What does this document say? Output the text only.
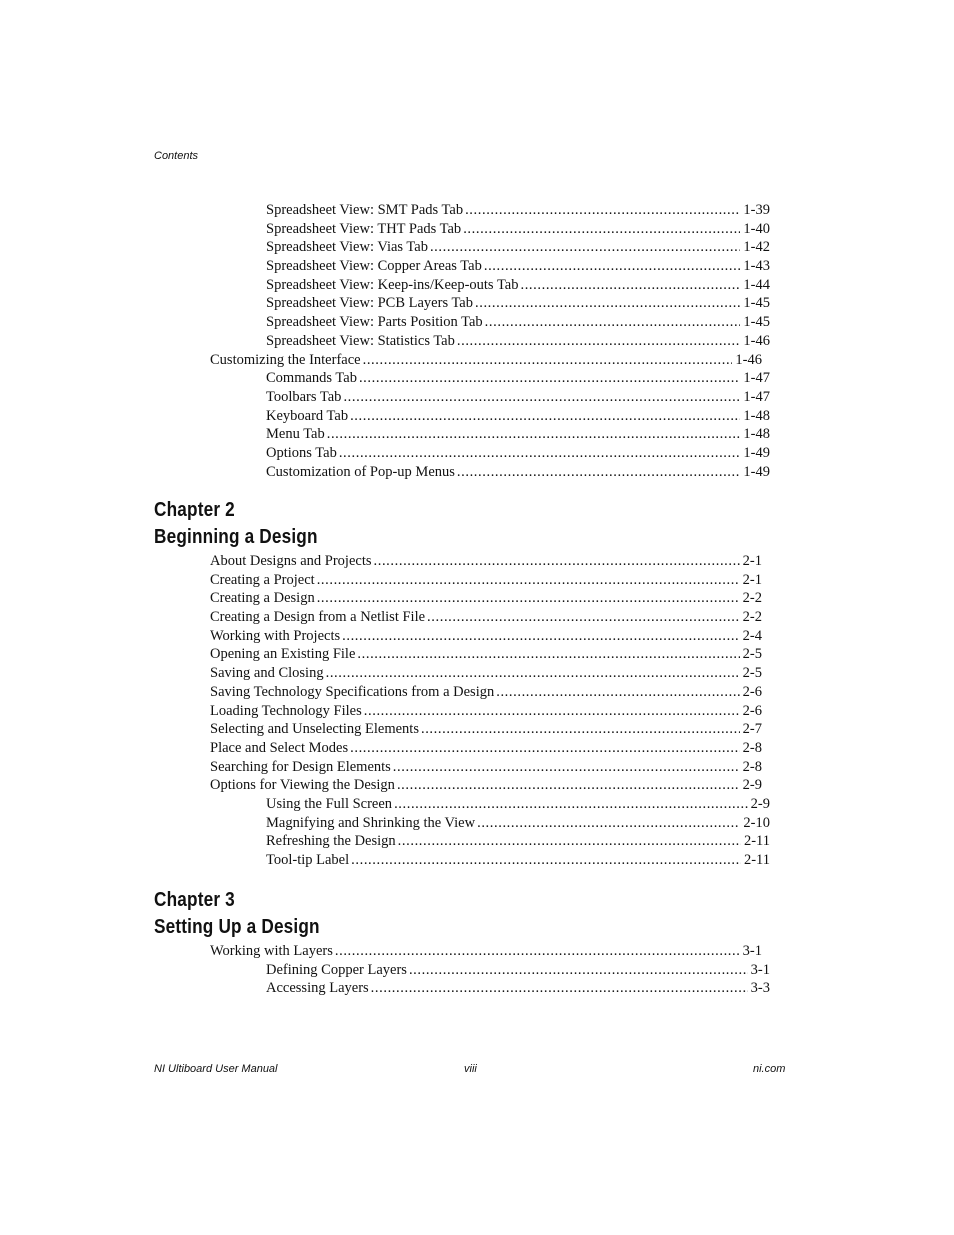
Contents
Spreadsheet View: SMT Pads Tab .....	1-39
Spreadsheet View: THT Pads Tab .....	1-40
Spreadsheet View: Vias Tab .....	1-42
Spreadsheet View: Copper Areas Tab .....	1-43
Spreadsheet View: Keep-ins/Keep-outs Tab .....	1-44
Spreadsheet View: PCB Layers Tab .....	1-45
Spreadsheet View: Parts Position Tab .....	1-45
Spreadsheet View: Statistics Tab .....	1-46
Customizing the Interface .....	1-46
Commands Tab .....	1-47
Toolbars Tab .....	1-47
Keyboard Tab .....	1-48
Menu Tab .....	1-48
Options Tab .....	1-49
Customization of Pop-up Menus .....	1-49
Chapter 2
Beginning a Design
About Designs and Projects .....	2-1
Creating a Project .....	2-1
Creating a Design .....	2-2
Creating a Design from a Netlist File .....	2-2
Working with Projects .....	2-4
Opening an Existing File .....	2-5
Saving and Closing .....	2-5
Saving Technology Specifications from a Design .....	2-6
Loading Technology Files .....	2-6
Selecting and Unselecting Elements .....	2-7
Place and Select Modes .....	2-8
Searching for Design Elements .....	2-8
Options for Viewing the Design .....	2-9
Using the Full Screen .....	2-9
Magnifying and Shrinking the View .....	2-10
Refreshing the Design .....	2-11
Tool-tip Label .....	2-11
Chapter 3
Setting Up a Design
Working with Layers .....	3-1
Defining Copper Layers .....	3-1
Accessing Layers .....	3-3
NI Ultiboard User Manual	viii	ni.com
